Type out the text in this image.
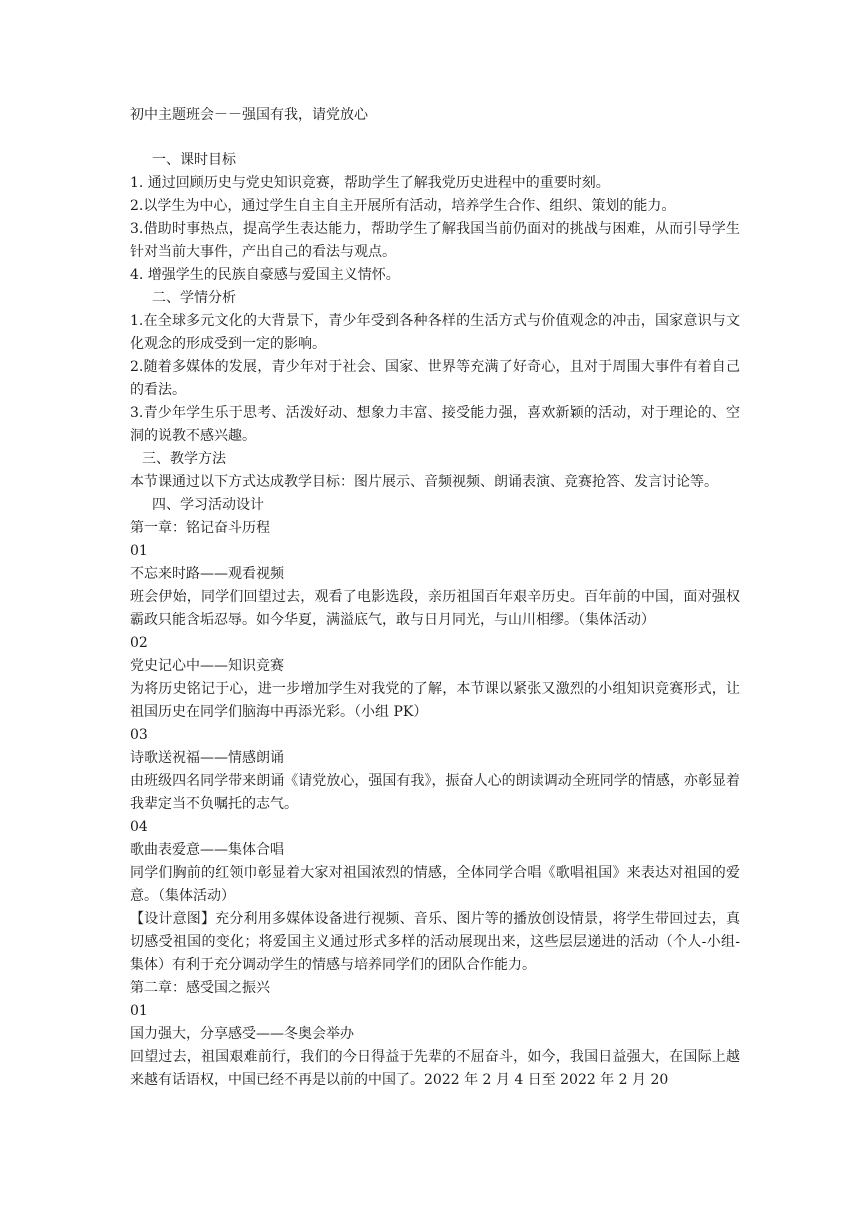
初中主题班会－－强国有我，请党放心

一、课时目标

1. 通过回顾历史与党史知识竞赛，帮助学生了解我党历史进程中的重要时刻。

2.以学生为中心，通过学生自主自主开展所有活动，培养学生合作、组织、策划的能力。

3.借助时事热点，提高学生表达能力，帮助学生了解我国当前仍面对的挑战与困难，从而引导学生针对当前大事件，产出自己的看法与观点。

4. 增强学生的民族自豪感与爱国主义情怀。

二、学情分析

1.在全球多元文化的大背景下，青少年受到各种各样的生活方式与价值观念的冲击，国家意识与文化观念的形成受到一定的影响。

2.随着多媒体的发展，青少年对于社会、国家、世界等充满了好奇心，且对于周围大事件有着自己的看法。

3.青少年学生乐于思考、活泼好动、想象力丰富、接受能力强，喜欢新颖的活动，对于理论的、空洞的说教不感兴趣。

三、教学方法

本节课通过以下方式达成教学目标：图片展示、音频视频、朗诵表演、竞赛抢答、发言讨论等。

四、学习活动设计

第一章：铭记奋斗历程

01

不忘来时路——观看视频

班会伊始，同学们回望过去，观看了电影选段，亲历祖国百年艰辛历史。百年前的中国，面对强权霸政只能含垢忍辱。如今华夏，满溢底气，敢与日月同光，与山川相缪。（集体活动）

02

党史记心中——知识竞赛

为将历史铭记于心，进一步增加学生对我党的了解，本节课以紧张又激烈的小组知识竞赛形式，让祖国历史在同学们脑海中再添光彩。（小组 PK）

03

诗歌送祝福——情感朗诵

由班级四名同学带来朗诵《请党放心，强国有我》，振奋人心的朗读调动全班同学的情感，亦彰显着我辈定当不负嘱托的志气。

04

歌曲表爱意——集体合唱

同学们胸前的红领巾彰显着大家对祖国浓烈的情感，全体同学合唱《歌唱祖国》来表达对祖国的爱意。（集体活动）

【设计意图】充分利用多媒体设备进行视频、音乐、图片等的播放创设情景，将学生带回过去，真切感受祖国的变化；将爱国主义通过形式多样的活动展现出来，这些层层递进的活动（个人-小组-集体）有利于充分调动学生的情感与培养同学们的团队合作能力。

第二章：感受国之振兴

01

国力强大，分享感受——冬奥会举办

回望过去，祖国艰难前行，我们的今日得益于先辈的不屈奋斗，如今，我国日益强大，在国际上越来越有话语权，中国已经不再是以前的中国了。2022 年 2 月 4 日至 2022 年 2 月 20
